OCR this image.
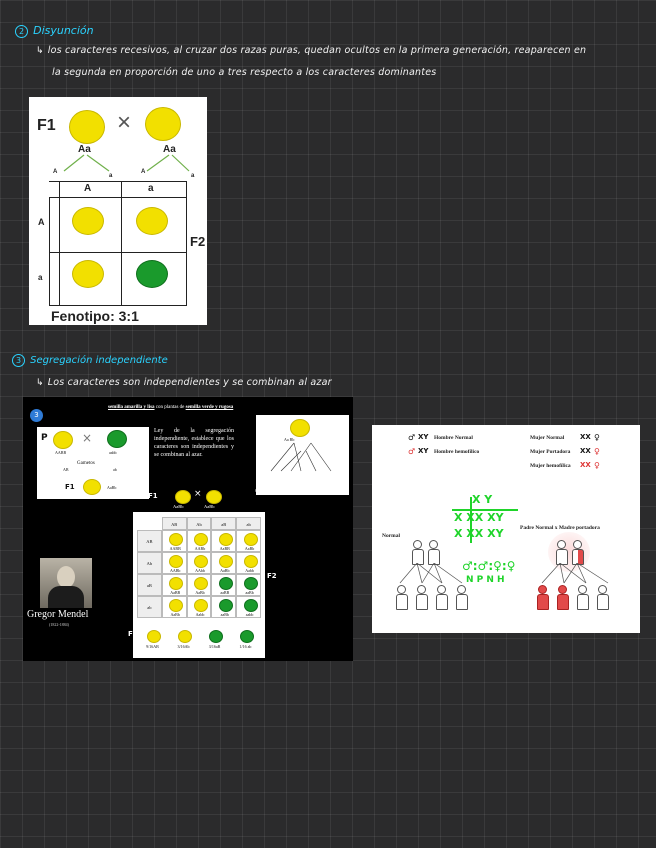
2 Disyunción
↳ los caracteres recesivos, al cruzar dos razas puras, quedan ocultos en la primera generación, reaparecen en
la segunda en proporción de uno a tres respecto a los caracteres dominantes
F1	×
Aa	Aa
A
a
A
a
A	a
A
a
F2
Fenotipo: 3:1
3 Segregación independiente
↳ Los caracteres son independientes y se combinan al azar
3
semilla amarilla y lisa con plantas de semilla verde y rugosa
P	×
AABB	aabb
Gametos
AB	ab
F1	AaBb
Ley de la segregación independiente, establece que los caracteres son independientes y se combinan al azar.
Aa Bb
Gametos que formará el individuo AaBb
F1	×
AaBb	AaBb
AB	Ab	aB	ab
AB
Ab
aB
ab
AABB	AABb	AaBB	AaBb
AABb	AAbb	AaBb	Aabb
AaBB	AaBb	aaBB	aaBb
AaBb	Aabb	aaBb	aabb
9/16AB	3/16Ab	3/16aB	1/16 ab
F2
F2
Gregor Mendel
(1822-1884)
♂ XY Hombre Normal
♂ XY Hombre hemofílico
Mujer Normal XX ♀
Mujer Portadora XX ♀
Mujer hemofílica XX ♀
Normal
Padre Normal x Madre portadora
X Y
X XX XY
X XX XY
♂:♂:♀:♀
N P N H
